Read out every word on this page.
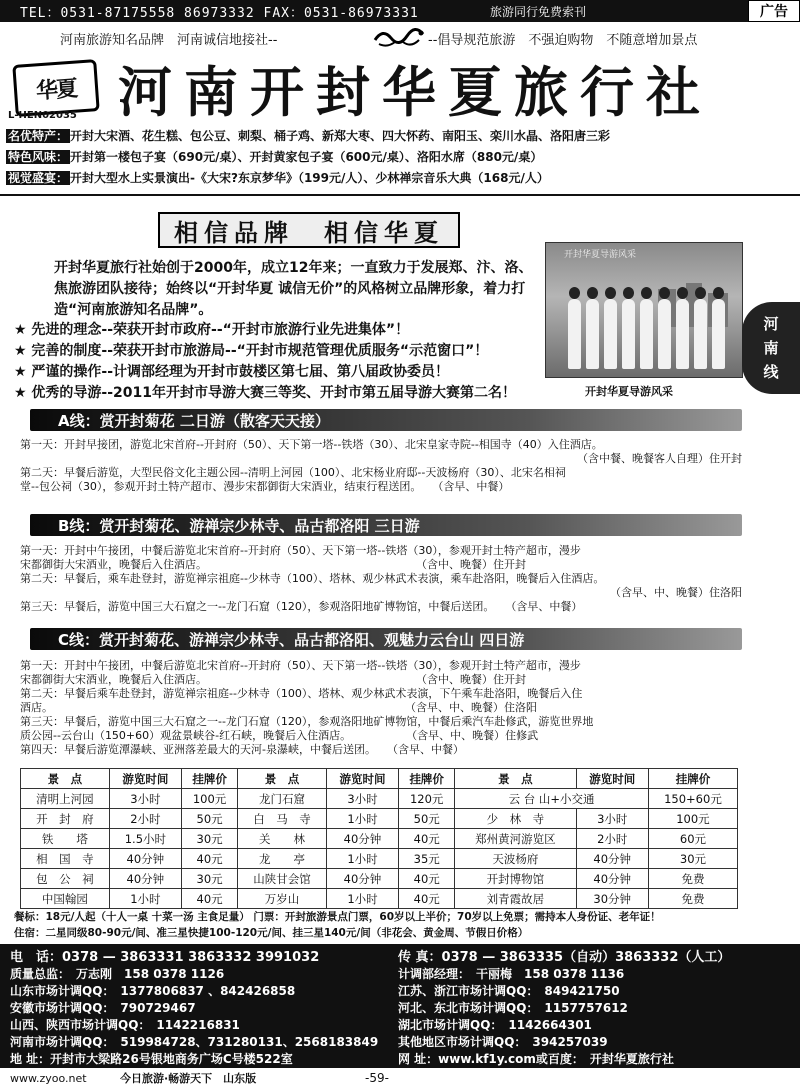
TEL：0531-87175558 86973332 FAX：0531-86973331	旅游同行免费索刊	广告
河南旅游知名品牌　河南诚信地接社--	--倡导规范旅游　不强迫购物　不随意增加景点
华夏 河南开封华夏旅行社
L-HEN02035
名优特产： 开封大宋酒、花生糕、包公豆、刺梨、桶子鸡、新郑大枣、四大怀药、南阳玉、栾川水晶、洛阳唐三彩
特色风味： 开封第一楼包子宴（690元/桌）、开封黄家包子宴（600元/桌）、洛阳水席（880元/桌）
视觉盛宴： 开封大型水上实景演出-《大宋?东京梦华》（199元/人）、少林禅宗音乐大典（168元/人）
相信品牌　相信华夏

开封华夏旅行社始创于2000年，成立12年来；一直致力于发展郑、汴、洛、焦旅游团队接待；始终以“开封华夏 诚信无价”的风格树立品牌形象，着力打造“河南旅游知名品牌”。

★ 先进的理念--荣获开封市政府--“开封市旅游行业先进集体”！
★ 完善的制度--荣获开封市旅游局--“开封市规范管理优质服务“示范窗口”！
★ 严谨的操作--计调部经理为开封市鼓楼区第七届、第八届政协委员！
★ 优秀的导游--2011年开封市导游大赛三等奖、开封市第五届导游大赛第二名！
开封华夏导游风采
开封华夏导游风采
河
南
线
A线：赏开封菊花 二日游（散客天天接）
第一天：开封早接团，游览北宋首府--开封府（50）、天下第一塔--铁塔（30）、北宋皇家寺院--相国寺（40）入住酒店。
（含中餐、晚餐客人自理）住开封
第二天：早餐后游览，大型民俗文化主题公园--清明上河园（100）、北宋杨业府邸--天波杨府（30）、北宋名相祠
堂--包公祠（30），参观开封土特产超市、漫步宋都御街大宋酒业，结束行程送团。　　（含早、中餐）
B线：赏开封菊花、游禅宗少林寺、品古都洛阳 三日游
第一天：开封中午接团，中餐后游览北宋首府--开封府（50）、天下第一塔--铁塔（30），参观开封土特产超市，漫步
宋都御街大宋酒业，晚餐后入住酒店。　　　　　　　　　　　　　　　　　　　　（含中、晚餐）住开封
第二天：早餐后，乘车赴登封，游览禅宗祖庭--少林寺（100）、塔林、观少林武术表演，乘车赴洛阳，晚餐后入住酒店。
（含早、中、晚餐）住洛阳
第三天：早餐后，游览中国三大石窟之一--龙门石窟（120），参观洛阳地矿博物馆，中餐后送团。　　（含早、中餐）
C线：赏开封菊花、游禅宗少林寺、品古都洛阳、观魅力云台山 四日游
第一天：开封中午接团，中餐后游览北宋首府--开封府（50）、天下第一塔--铁塔（30），参观开封土特产超市，漫步
宋都御街大宋酒业，晚餐后入住酒店。　　　　　　　　　　　　　　　　　　　　（含中、晚餐）住开封
第二天：早餐后乘车赴登封，游览禅宗祖庭--少林寺（100）、塔林、观少林武术表演，下午乘车赴洛阳，晚餐后入住
酒店。　　　　　　　　　　　　　　　　　　　　　　　　　　　　　　　　　（含早、中、晚餐）住洛阳
第三天：早餐后，游览中国三大石窟之一--龙门石窟（120），参观洛阳地矿博物馆，中餐后乘汽车赴修武，游览世界地
质公园--云台山（150+60）观盆景峡谷-红石峡，晚餐后入住酒店。　　　　　　（含早、中、晚餐）住修武
第四天：早餐后游览潭瀑峡、亚洲落差最大的天河-泉瀑峡，中餐后送团。　　（含早、中餐）
景　点	游览时间	挂牌价	景　点	游览时间	挂牌价	景　点	游览时间	挂牌价
清明上河园	3小时	100元	龙门石窟	3小时	120元	云 台 山+小交通		150+60元
开　封　府	2小时	50元	白　马　寺	1小时	50元	少　林　寺	3小时	100元
铁　　塔	1.5小时	30元	关　　林	40分钟	40元	郑州黄河游览区	2小时	60元
相　国　寺	40分钟	40元	龙　　亭	1小时	35元	天波杨府	40分钟	30元
包　公　祠	40分钟	30元	山陕甘会馆	40分钟	40元	开封博物馆	40分钟	免费
中国翰园	1小时	40元	万岁山	1小时	40元	刘青霞故居	30分钟	免费
餐标：18元/人起（十人一桌 十菜一汤 主食足量） 门票：开封旅游景点门票，60岁以上半价；70岁以上免票；需持本人身份证、老年证！
住宿：二星同级80-90元/间、准三星快捷100-120元/间、挂三星140元/间（非花会、黄金周、节假日价格）
电　话：0378 — 3863331 3863332 3991032	传 真：0378 — 3863335（自动）3863332（人工）
质量总监：　万志刚　158 0378 1126	计调部经理：　干丽梅　158 0378 1136
山东市场计调QQ：　1377806837 、842426858	江苏、浙江市场计调QQ：　849421750
安徽市场计调QQ：　790729467	河北、东北市场计调QQ：　1157757612
山西、陕西市场计调QQ：　1142216831	湖北市场计调QQ：　1142664301
河南市场计调QQ：　519984728、731280131、2568183849 其他地区市场计调QQ：　394257039
地 址：开封市大梁路26号银地商务广场C号楼522室	网 址：www.kf1y.com或百度：　开封华夏旅行社
www.zyoo.net	今日旅游·畅游天下　山东版	-59-
